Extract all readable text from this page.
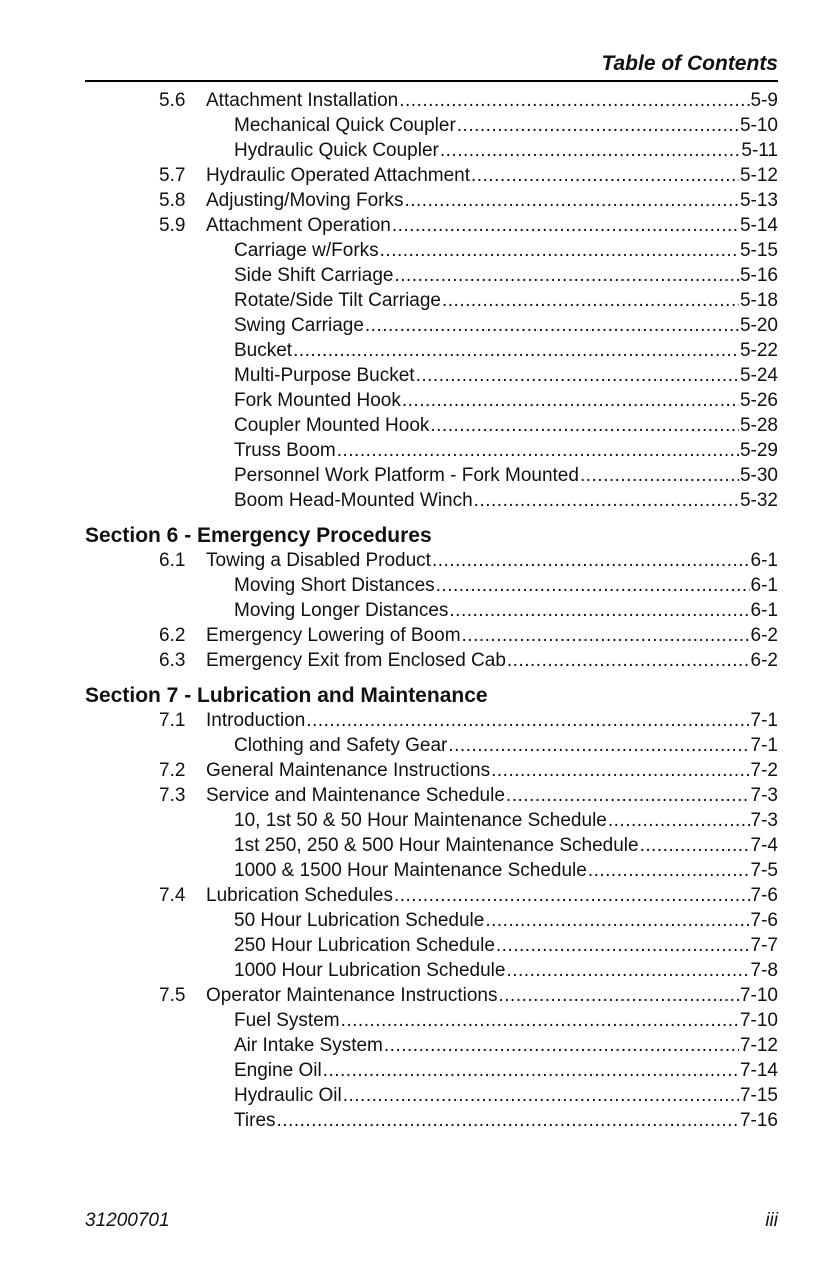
Table of Contents
5.6	Attachment Installation .....	5-9
Mechanical Quick Coupler .....	5-10
Hydraulic Quick Coupler .....	5-11
5.7	Hydraulic Operated Attachment .....	5-12
5.8	Adjusting/Moving Forks .....	5-13
5.9	Attachment Operation .....	5-14
Carriage w/Forks .....	5-15
Side Shift Carriage .....	5-16
Rotate/Side Tilt Carriage .....	5-18
Swing Carriage .....	5-20
Bucket .....	5-22
Multi-Purpose Bucket .....	5-24
Fork Mounted Hook .....	5-26
Coupler Mounted Hook .....	5-28
Truss Boom .....	5-29
Personnel Work Platform - Fork Mounted .....	5-30
Boom Head-Mounted Winch .....	5-32
Section 6 - Emergency Procedures
6.1	Towing a Disabled Product .....	6-1
Moving Short Distances .....	6-1
Moving Longer Distances .....	6-1
6.2	Emergency Lowering of Boom .....	6-2
6.3	Emergency Exit from Enclosed Cab .....	6-2
Section 7 - Lubrication and Maintenance
7.1	Introduction .....	7-1
Clothing and Safety Gear .....	7-1
7.2	General Maintenance Instructions .....	7-2
7.3	Service and Maintenance Schedule .....	7-3
10, 1st 50 & 50 Hour Maintenance Schedule .....	7-3
1st 250, 250 & 500 Hour Maintenance Schedule .....	7-4
1000 & 1500 Hour Maintenance Schedule .....	7-5
7.4	Lubrication Schedules .....	7-6
50 Hour Lubrication Schedule .....	7-6
250 Hour Lubrication Schedule .....	7-7
1000 Hour Lubrication Schedule .....	7-8
7.5	Operator Maintenance Instructions .....	7-10
Fuel System .....	7-10
Air Intake System .....	7-12
Engine Oil .....	7-14
Hydraulic Oil .....	7-15
Tires .....	7-16
31200701	iii
